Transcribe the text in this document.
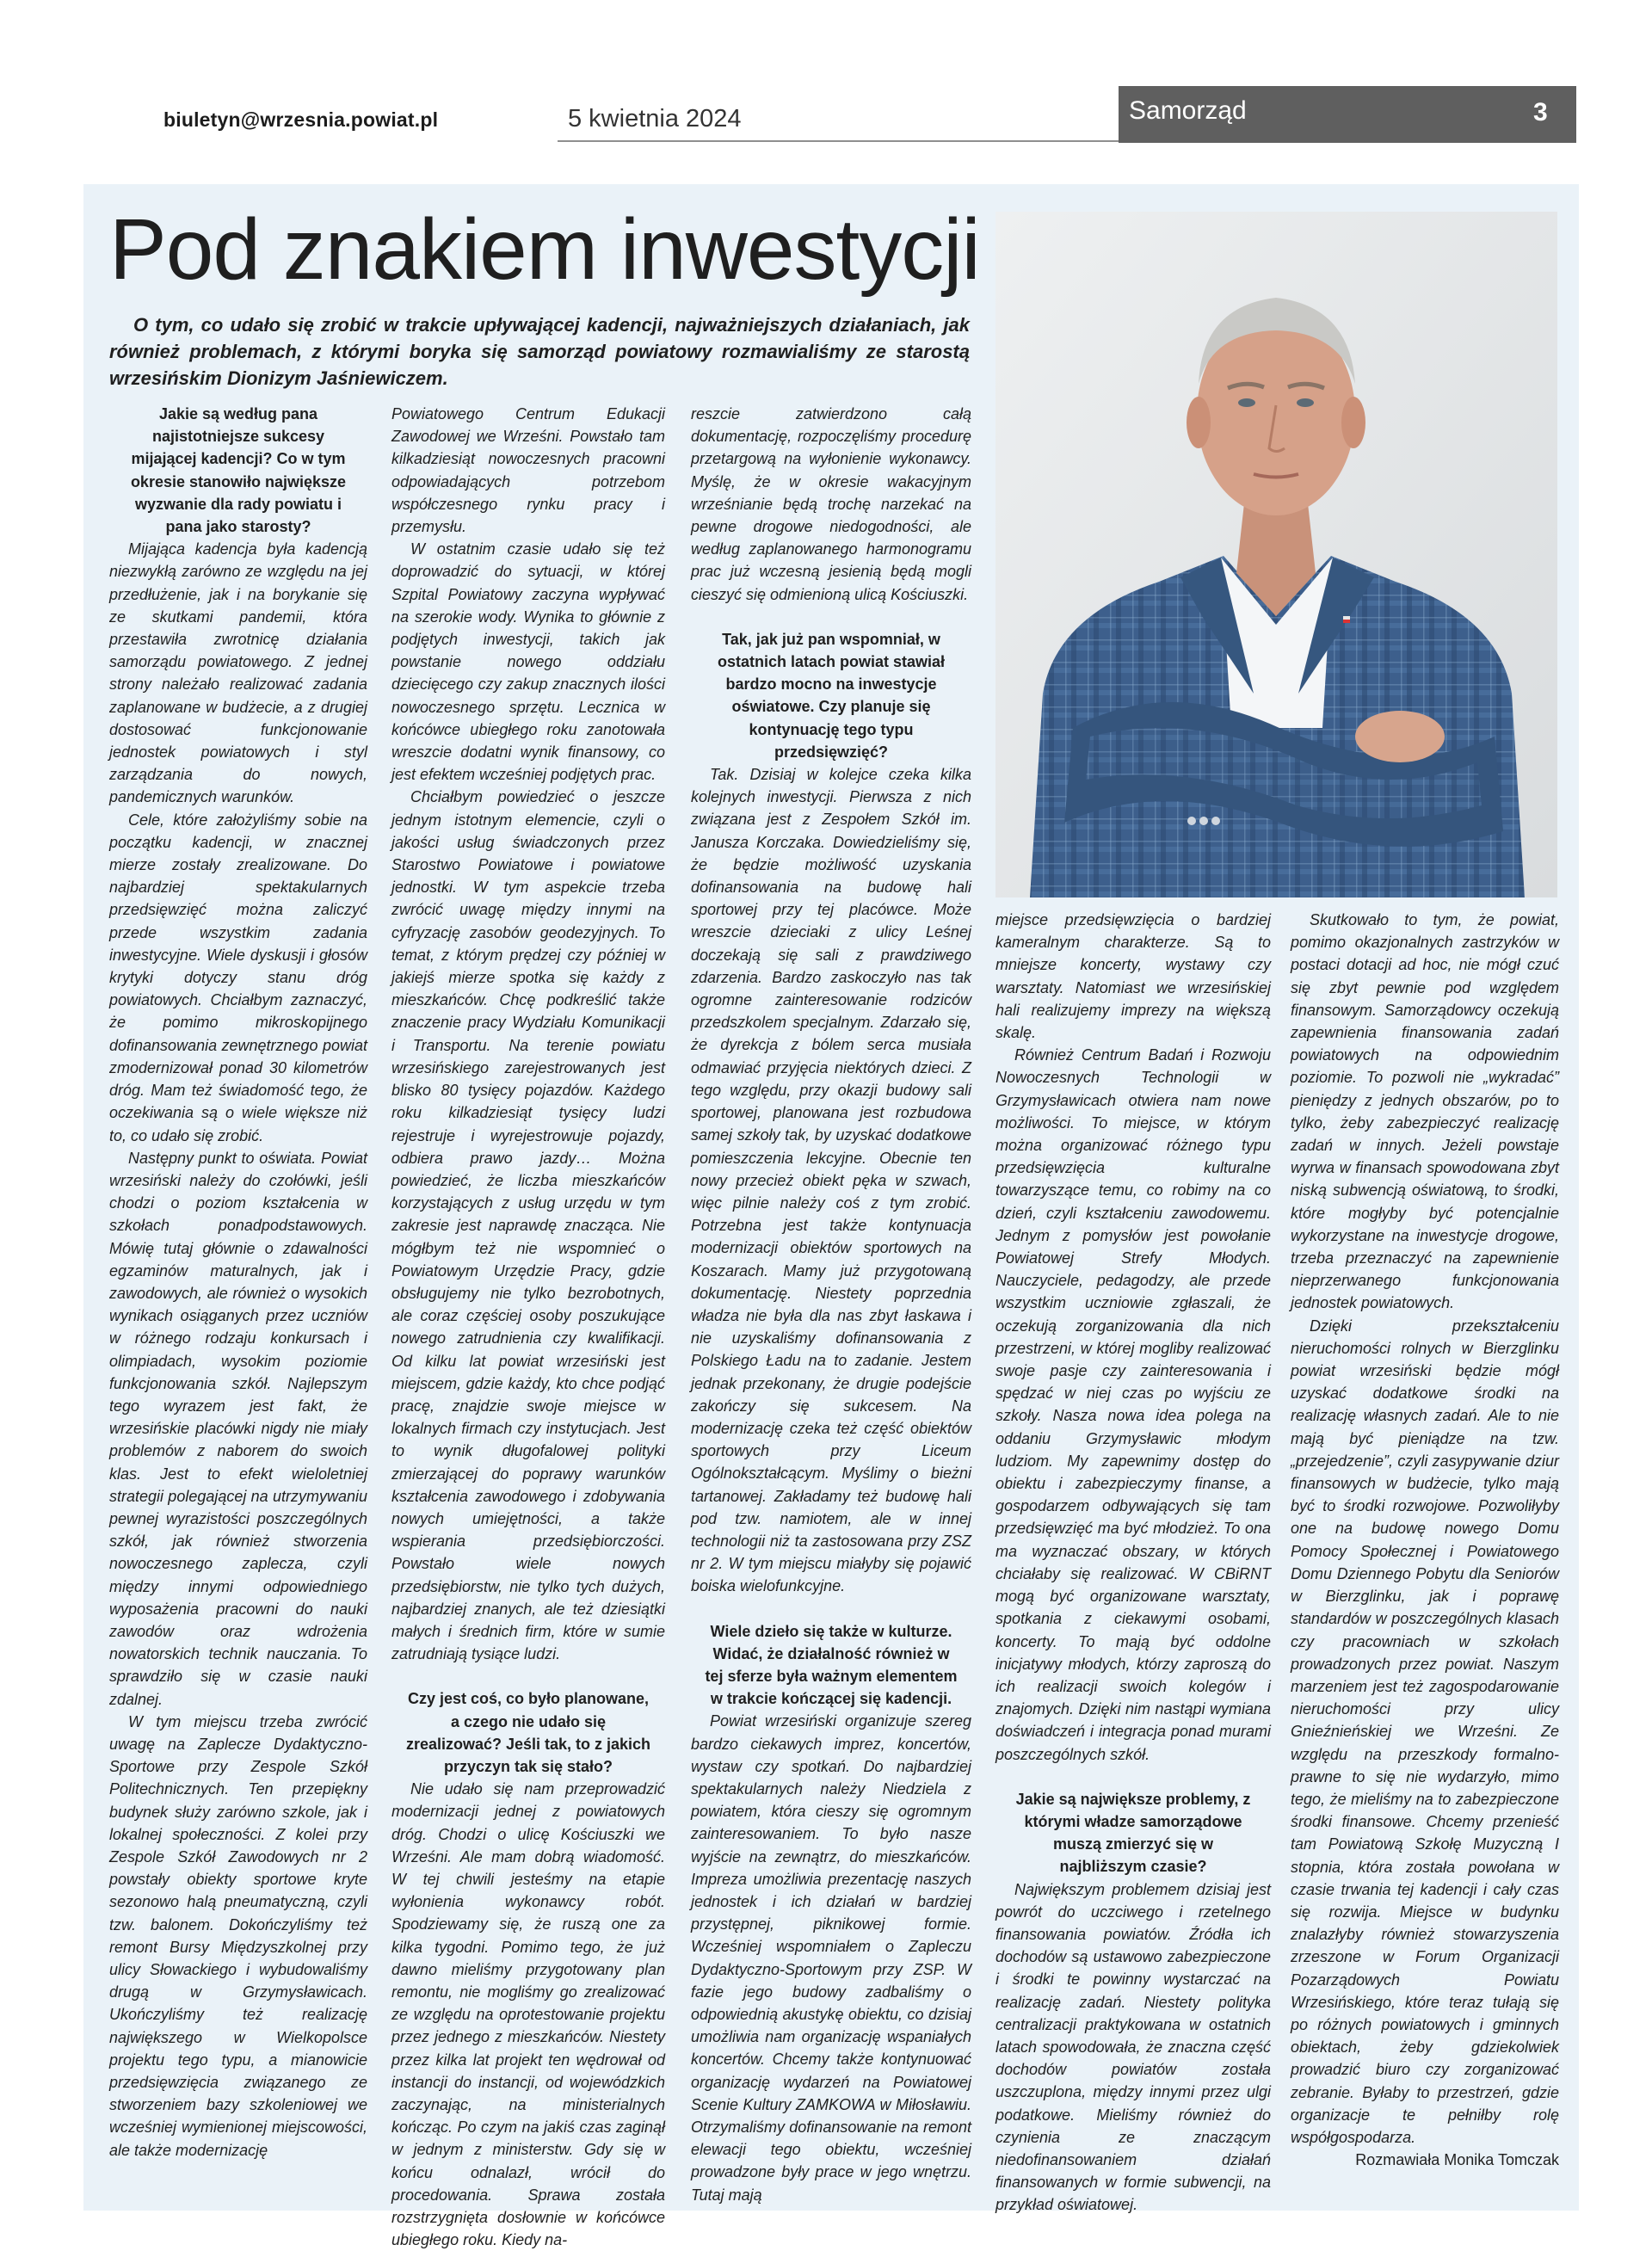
biuletyn@wrzesnia.powiat.pl	5 kwietnia 2024	Samorząd	3
Pod znakiem inwestycji

O tym, co udało się zrobić w trakcie upływającej kadencji, najważniejszych działaniach, jak również problemach, z którymi boryka się samorząd powiatowy rozmawialiśmy ze starostą wrzesińskim Dionizym Jaśniewiczem.

Jakie są według pana najistotniejsze sukcesy mijającej kadencji? Co w tym okresie stanowiło największe wyzwanie dla rady powiatu i pana jako starosty?

Mijająca kadencja była kadencją niezwykłą zarówno ze względu na jej przedłużenie, jak i na borykanie się ze skutkami pandemii, która przestawiła zwrotnicę działania samorządu powiatowego. Z jednej strony należało realizować zadania zaplanowane w budżecie, a z drugiej dostosować funkcjonowanie jednostek powiatowych i styl zarządzania do nowych, pandemicznych warunków.

Cele, które założyliśmy sobie na początku kadencji, w znacznej mierze zostały zrealizowane. Do najbardziej spektakularnych przedsięwzięć można zaliczyć przede wszystkim zadania inwestycyjne. Wiele dyskusji i głosów krytyki dotyczy stanu dróg powiatowych. Chciałbym zaznaczyć, że pomimo mikroskopijnego dofinansowania zewnętrznego powiat zmodernizował ponad 30 kilometrów dróg. Mam też świadomość tego, że oczekiwania są o wiele większe niż to, co udało się zrobić.

Następny punkt to oświata. Powiat wrzesiński należy do czołówki, jeśli chodzi o poziom kształcenia w szkołach ponadpodstawowych. Mówię tutaj głównie o zdawalności egzaminów maturalnych, jak i zawodowych, ale również o wysokich wynikach osiąganych przez uczniów w różnego rodzaju konkursach i olimpiadach, wysokim poziomie funkcjonowania szkół. Najlepszym tego wyrazem jest fakt, że wrzesińskie placówki nigdy nie miały problemów z naborem do swoich klas. Jest to efekt wieloletniej strategii polegającej na utrzymywaniu pewnej wyrazistości poszczególnych szkół, jak również stworzenia nowoczesnego zaplecza, czyli między innymi odpowiedniego wyposażenia pracowni do nauki zawodów oraz wdrożenia nowatorskich technik nauczania. To sprawdziło się w czasie nauki zdalnej.

W tym miejscu trzeba zwrócić uwagę na Zaplecze Dydaktyczno-Sportowe przy Zespole Szkół Politechnicznych. Ten przepiękny budynek służy zarówno szkole, jak i lokalnej społeczności. Z kolei przy Zespole Szkół Zawodowych nr 2 powstały obiekty sportowe kryte sezonowo halą pneumatyczną, czyli tzw. balonem. Dokończyliśmy też remont Bursy Międzyszkolnej przy ulicy Słowackiego i wybudowaliśmy drugą w Grzymysławicach. Ukończyliśmy też realizację największego w Wielkopolsce projektu tego typu, a mianowicie przedsięwzięcia związanego ze stworzeniem bazy szkoleniowej we wcześniej wymienionej miejscowości, ale także modernizację

Powiatowego Centrum Edukacji Zawodowej we Wrześni. Powstało tam kilkadziesiąt nowoczesnych pracowni odpowiadających potrzebom współczesnego rynku pracy i przemysłu.

W ostatnim czasie udało się też doprowadzić do sytuacji, w której Szpital Powiatowy zaczyna wypływać na szerokie wody. Wynika to głównie z podjętych inwestycji, takich jak powstanie nowego oddziału dziecięcego czy zakup znacznych ilości nowoczesnego sprzętu. Lecznica w końcówce ubiegłego roku zanotowała wreszcie dodatni wynik finansowy, co jest efektem wcześniej podjętych prac.

Chciałbym powiedzieć o jeszcze jednym istotnym elemencie, czyli o jakości usług świadczonych przez Starostwo Powiatowe i powiatowe jednostki. W tym aspekcie trzeba zwrócić uwagę między innymi na cyfryzację zasobów geodezyjnych. To temat, z którym prędzej czy później w jakiejś mierze spotka się każdy z mieszkańców. Chcę podkreślić także znaczenie pracy Wydziału Komunikacji i Transportu. Na terenie powiatu wrzesińskiego zarejestrowanych jest blisko 80 tysięcy pojazdów. Każdego roku kilkadziesiąt tysięcy ludzi rejestruje i wyrejestrowuje pojazdy, odbiera prawo jazdy… Można powiedzieć, że liczba mieszkańców korzystających z usług urzędu w tym zakresie jest naprawdę znacząca. Nie mógłbym też nie wspomnieć o Powiatowym Urzędzie Pracy, gdzie obsługujemy nie tylko bezrobotnych, ale coraz częściej osoby poszukujące nowego zatrudnienia czy kwalifikacji. Od kilku lat powiat wrzesiński jest miejscem, gdzie każdy, kto chce podjąć pracę, znajdzie swoje miejsce w lokalnych firmach czy instytucjach. Jest to wynik długofalowej polityki zmierzającej do poprawy warunków kształcenia zawodowego i zdobywania nowych umiejętności, a także wspierania przedsiębiorczości. Powstało wiele nowych przedsiębiorstw, nie tylko tych dużych, najbardziej znanych, ale też dziesiątki małych i średnich firm, które w sumie zatrudniają tysiące ludzi.

Czy jest coś, co było planowane, a czego nie udało się zrealizować? Jeśli tak, to z jakich przyczyn tak się stało?

Nie udało się nam przeprowadzić modernizacji jednej z powiatowych dróg. Chodzi o ulicę Kościuszki we Wrześni. Ale mam dobrą wiadomość. W tej chwili jesteśmy na etapie wyłonienia wykonawcy robót. Spodziewamy się, że ruszą one za kilka tygodni. Pomimo tego, że już dawno mieliśmy przygotowany plan remontu, nie mogliśmy go zrealizować ze względu na oprotestowanie projektu przez jednego z mieszkańców. Niestety przez kilka lat projekt ten wędrował od instancji do instancji, od wojewódzkich zaczynając, na ministerialnych kończąc. Po czym na jakiś czas zaginął w jednym z ministerstw. Gdy się w końcu odnalazł, wrócił do procedowania. Sprawa została rozstrzygnięta dosłownie w końcówce ubiegłego roku. Kiedy na-

reszcie zatwierdzono całą dokumentację, rozpoczęliśmy procedurę przetargową na wyłonienie wykonawcy. Myślę, że w okresie wakacyjnym wrześnianie będą trochę narzekać na pewne drogowe niedogodności, ale według zaplanowanego harmonogramu prac już wczesną jesienią będą mogli cieszyć się odmienioną ulicą Kościuszki.

Tak, jak już pan wspomniał, w ostatnich latach powiat stawiał bardzo mocno na inwestycje oświatowe. Czy planuje się kontynuację tego typu przedsięwzięć?

Tak. Dzisiaj w kolejce czeka kilka kolejnych inwestycji. Pierwsza z nich związana jest z Zespołem Szkół im. Janusza Korczaka. Dowiedzieliśmy się, że będzie możliwość uzyskania dofinansowania na budowę hali sportowej przy tej placówce. Może wreszcie dzieciaki z ulicy Leśnej doczekają się sali z prawdziwego zdarzenia. Bardzo zaskoczyło nas tak ogromne zainteresowanie rodziców przedszkolem specjalnym. Zdarzało się, że dyrekcja z bólem serca musiała odmawiać przyjęcia niektórych dzieci. Z tego względu, przy okazji budowy sali sportowej, planowana jest rozbudowa samej szkoły tak, by uzyskać dodatkowe pomieszczenia lekcyjne. Obecnie ten nowy przecież obiekt pęka w szwach, więc pilnie należy coś z tym zrobić. Potrzebna jest także kontynuacja modernizacji obiektów sportowych na Koszarach. Mamy już przygotowaną dokumentację. Niestety poprzednia władza nie była dla nas zbyt łaskawa i nie uzyskaliśmy dofinansowania z Polskiego Ładu na to zadanie. Jestem jednak przekonany, że drugie podejście zakończy się sukcesem. Na modernizację czeka też część obiektów sportowych przy Liceum Ogólnokształcącym. Myślimy o bieżni tartanowej. Zakładamy też budowę hali pod tzw. namiotem, ale w innej technologii niż ta zastosowana przy ZSZ nr 2. W tym miejscu miałyby się pojawić boiska wielofunkcyjne.

Wiele dzieło się także w kulturze. Widać, że działalność również w tej sferze była ważnym elementem w trakcie kończącej się kadencji.

Powiat wrzesiński organizuje szereg bardzo ciekawych imprez, koncertów, wystaw czy spotkań. Do najbardziej spektakularnych należy Niedziela z powiatem, która cieszy się ogromnym zainteresowaniem. To było nasze wyjście na zewnątrz, do mieszkańców. Impreza umożliwia prezentację naszych jednostek i ich działań w bardziej przystępnej, piknikowej formie. Wcześniej wspomniałem o Zapleczu Dydaktyczno-Sportowym przy ZSP. W fazie jego budowy zadbaliśmy o odpowiednią akustykę obiektu, co dzisiaj umożliwia nam organizację wspaniałych koncertów. Chcemy także kontynuować organizację wydarzeń na Powiatowej Scenie Kultury ZAMKOWA w Miłosławiu. Otrzymaliśmy dofinansowanie na remont elewacji tego obiektu, wcześniej prowadzone były prace w jego wnętrzu. Tutaj mają

miejsce przedsięwzięcia o bardziej kameralnym charakterze. Są to mniejsze koncerty, wystawy czy warsztaty. Natomiast we wrzesińskiej hali realizujemy imprezy na większą skalę.

Również Centrum Badań i Rozwoju Nowoczesnych Technologii w Grzymysławicach otwiera nam nowe możliwości. To miejsce, w którym można organizować różnego typu przedsięwzięcia kulturalne towarzyszące temu, co robimy na co dzień, czyli kształceniu zawodowemu. Jednym z pomysłów jest powołanie Powiatowej Strefy Młodych. Nauczyciele, pedagodzy, ale przede wszystkim uczniowie zgłaszali, że oczekują zorganizowania dla nich przestrzeni, w której mogliby realizować swoje pasje czy zainteresowania i spędzać w niej czas po wyjściu ze szkoły. Nasza nowa idea polega na oddaniu Grzymysławic młodym ludziom. My zapewnimy dostęp do obiektu i zabezpieczymy finanse, a gospodarzem odbywających się tam przedsięwzięć ma być młodzież. To ona ma wyznaczać obszary, w których chciałaby się realizować. W CBiRNT mogą być organizowane warsztaty, spotkania z ciekawymi osobami, koncerty. To mają być oddolne inicjatywy młodych, którzy zaproszą do ich realizacji swoich kolegów i znajomych. Dzięki nim nastąpi wymiana doświadczeń i integracja ponad murami poszczególnych szkół.

Jakie są największe problemy, z którymi władze samorządowe muszą zmierzyć się w najbliższym czasie?

Największym problemem dzisiaj jest powrót do uczciwego i rzetelnego finansowania powiatów. Źródła ich dochodów są ustawowo zabezpieczone i środki te powinny wystarczać na realizację zadań. Niestety polityka centralizacji praktykowana w ostatnich latach spowodowała, że znaczna część dochodów powiatów została uszczuplona, między innymi przez ulgi podatkowe. Mieliśmy również do czynienia ze znaczącym niedofinansowaniem działań finansowanych w formie subwencji, na przykład oświatowej.

Skutkowało to tym, że powiat, pomimo okazjonalnych zastrzyków w postaci dotacji ad hoc, nie mógł czuć się zbyt pewnie pod względem finansowym. Samorządowcy oczekują zapewnienia finansowania zadań powiatowych na odpowiednim poziomie. To pozwoli nie „wykradać” pieniędzy z jednych obszarów, po to tylko, żeby zabezpieczyć realizację zadań w innych. Jeżeli powstaje wyrwa w finansach spowodowana zbyt niską subwencją oświatową, to środki, które mogłyby być potencjalnie wykorzystane na inwestycje drogowe, trzeba przeznaczyć na zapewnienie nieprzerwanego funkcjonowania jednostek powiatowych.

Dzięki przekształceniu nieruchomości rolnych w Bierzglinku powiat wrzesiński będzie mógł uzyskać dodatkowe środki na realizację własnych zadań. Ale to nie mają być pieniądze na tzw. „przejedzenie”, czyli zasypywanie dziur finansowych w budżecie, tylko mają być to środki rozwojowe. Pozwoliłyby one na budowę nowego Domu Pomocy Społecznej i Powiatowego Domu Dziennego Pobytu dla Seniorów w Bierzglinku, jak i poprawę standardów w poszczególnych klasach czy pracowniach w szkołach prowadzonych przez powiat. Naszym marzeniem jest też zagospodarowanie nieruchomości przy ulicy Gnieźnieńskiej we Wrześni. Ze względu na przeszkody formalno-prawne to się nie wydarzyło, mimo tego, że mieliśmy na to zabezpieczone środki finansowe. Chcemy przenieść tam Powiatową Szkołę Muzyczną I stopnia, która została powołana w czasie trwania tej kadencji i cały czas się rozwija. Miejsce w budynku znalazłyby również stowarzyszenia zrzeszone w Forum Organizacji Pozarządowych Powiatu Wrzesińskiego, które teraz tułają się po różnych powiatowych i gminnych obiektach, żeby gdziekolwiek prowadzić biuro czy zorganizować zebranie. Byłaby to przestrzeń, gdzie organizacje te pełniłby rolę współgospodarza.

Rozmawiała Monika Tomczak
